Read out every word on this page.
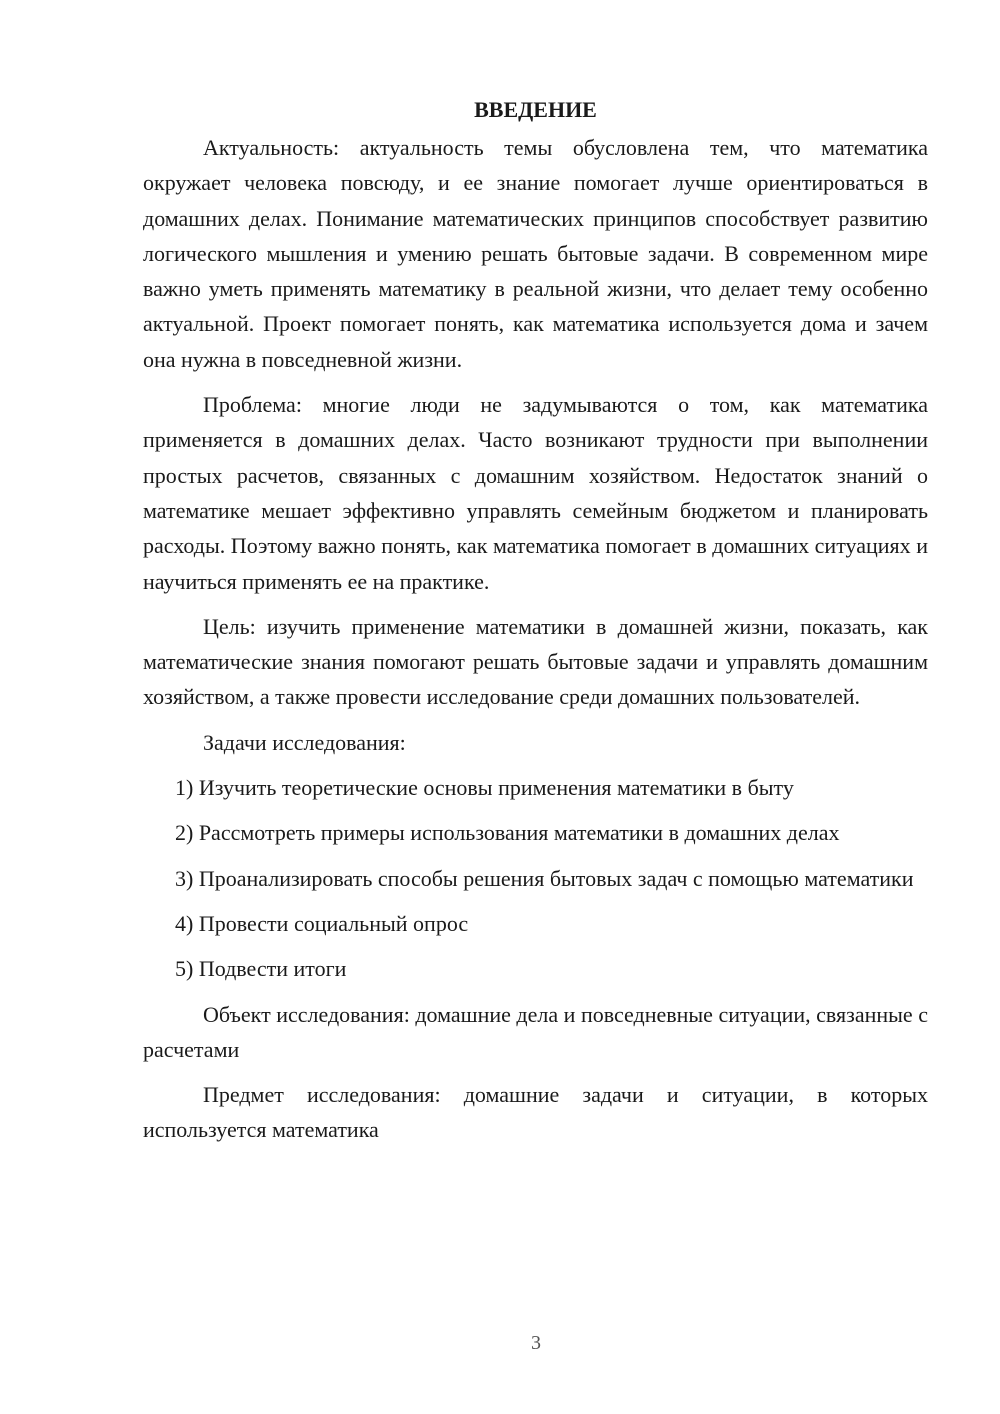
ВВЕДЕНИЕ

Актуальность: актуальность темы обусловлена тем, что математика окружает человека повсюду, и ее знание помогает лучше ориентироваться в домашних делах. Понимание математических принципов способствует развитию логического мышления и умению решать бытовые задачи. В современном мире важно уметь применять математику в реальной жизни, что делает тему особенно актуальной. Проект помогает понять, как математика используется дома и зачем она нужна в повседневной жизни.

Проблема: многие люди не задумываются о том, как математика применяется в домашних делах. Часто возникают трудности при выполнении простых расчетов, связанных с домашним хозяйством. Недостаток знаний о математике мешает эффективно управлять семейным бюджетом и планировать расходы. Поэтому важно понять, как математика помогает в домашних ситуациях и научиться применять ее на практике.

Цель: изучить применение математики в домашней жизни, показать, как математические знания помогают решать бытовые задачи и управлять домашним хозяйством, а также провести исследование среди домашних пользователей.

Задачи исследования:

1) Изучить теоретические основы применения математики в быту

2) Рассмотреть примеры использования математики в домашних делах

3) Проанализировать способы решения бытовых задач с помощью математики

4) Провести социальный опрос

5) Подвести итоги

Объект исследования: домашние дела и повседневные ситуации, связанные с расчетами

Предмет исследования: домашние задачи и ситуации, в которых используется математика

3
